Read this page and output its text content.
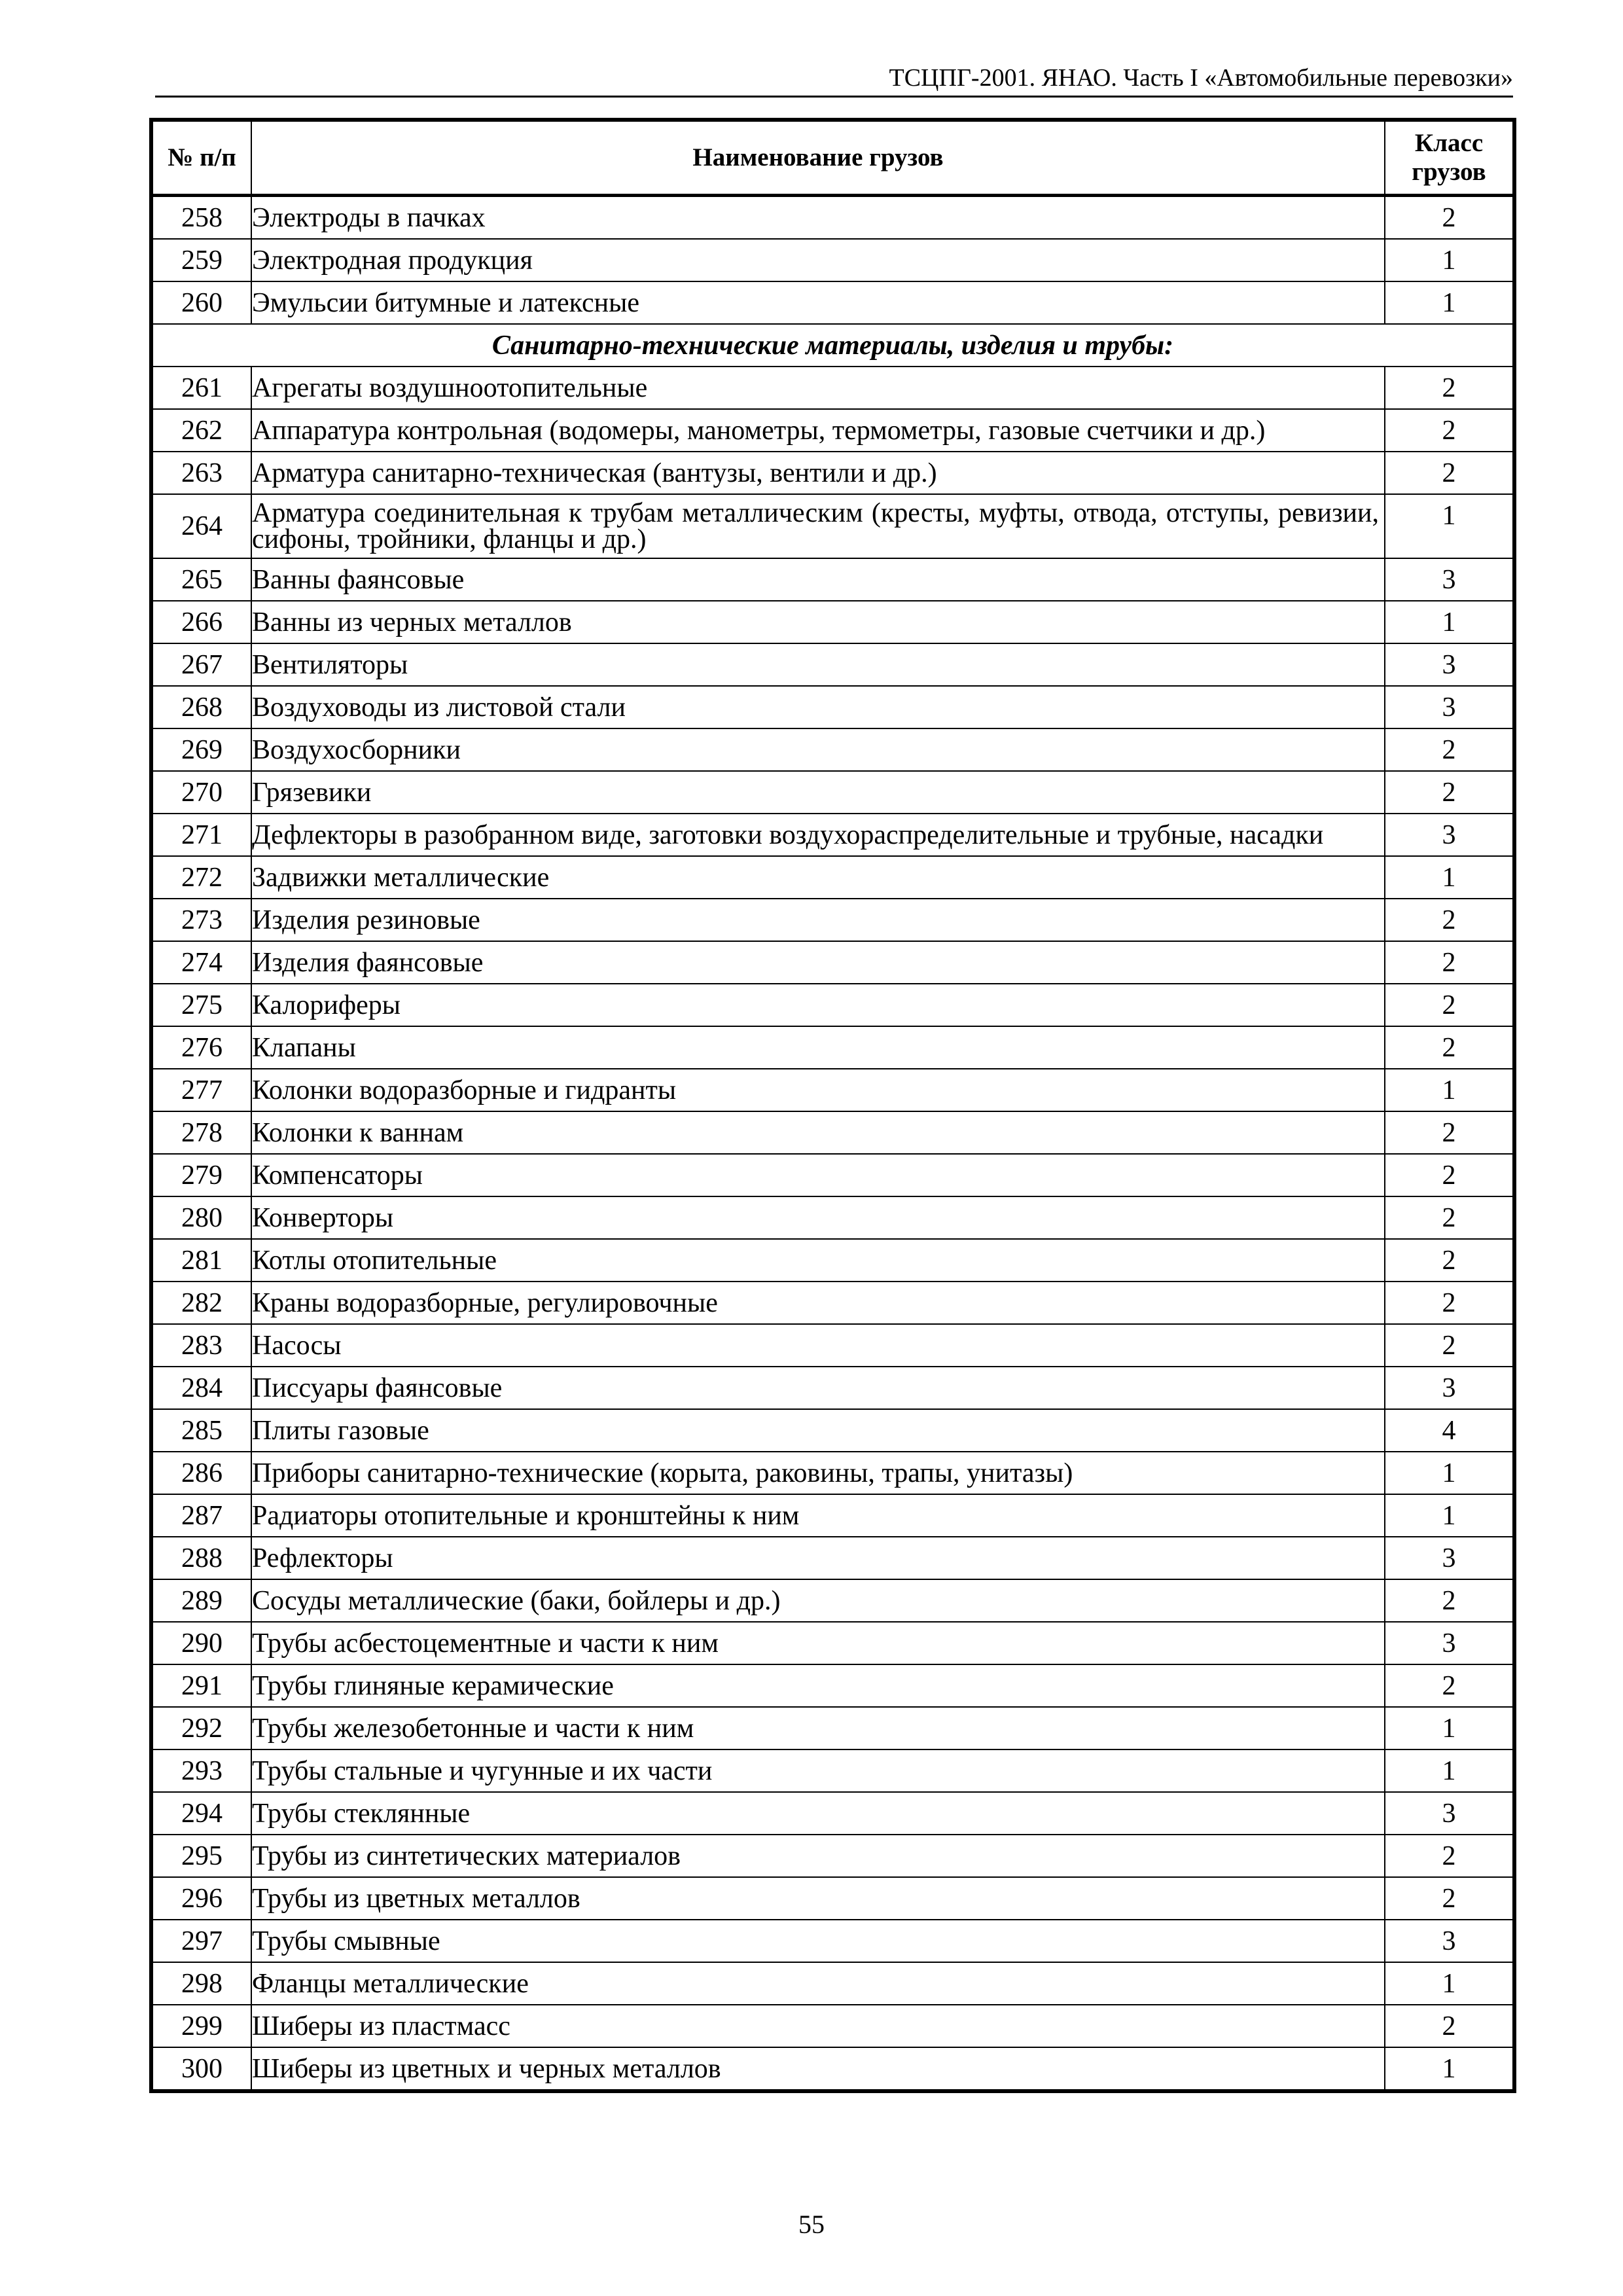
ТСЦПГ-2001. ЯНАО. Часть I «Автомобильные перевозки»
№ п/п	Наименование грузов	Класс
грузов

258	Электроды в пачках	2
259	Электродная продукция	1
260	Эмульсии битумные и латексные	1
Санитарно-технические материалы, изделия и трубы:		
261	Агрегаты воздушноотопительные	2
262	Аппаратура контрольная (водомеры, манометры, термометры, газовые счетчики и др.)	2
263	Арматура санитарно-техническая (вантузы, вентили и др.)	2
264	Арматура соединительная к трубам металлическим (кресты, муфты, отвода, отступы, ревизии, сифоны, тройники, фланцы и др.)	1
265	Ванны фаянсовые	3
266	Ванны из черных металлов	1
267	Вентиляторы	3
268	Воздуховоды из листовой стали	3
269	Воздухосборники	2
270	Грязевики	2
271	Дефлекторы в разобранном виде, заготовки воздухораспределительные и трубные, насадки	3
272	Задвижки металлические	1
273	Изделия резиновые	2
274	Изделия фаянсовые	2
275	Калориферы	2
276	Клапаны	2
277	Колонки водоразборные и гидранты	1
278	Колонки к ваннам	2
279	Компенсаторы	2
280	Конверторы	2
281	Котлы отопительные	2
282	Краны водоразборные, регулировочные	2
283	Насосы	2
284	Писсуары фаянсовые	3
285	Плиты газовые	4
286	Приборы санитарно-технические (корыта, раковины, трапы, унитазы)	1
287	Радиаторы отопительные и кронштейны к ним	1
288	Рефлекторы	3
289	Сосуды металлические (баки, бойлеры и др.)	2
290	Трубы асбестоцементные и части к ним	3
291	Трубы глиняные керамические	2
292	Трубы железобетонные и части к ним	1
293	Трубы стальные и чугунные и их части	1
294	Трубы стеклянные	3
295	Трубы из синтетических материалов	2
296	Трубы из цветных металлов	2
297	Трубы смывные	3
298	Фланцы металлические	1
299	Шиберы из пластмасс	2
300	Шиберы из цветных и черных металлов	1
55
